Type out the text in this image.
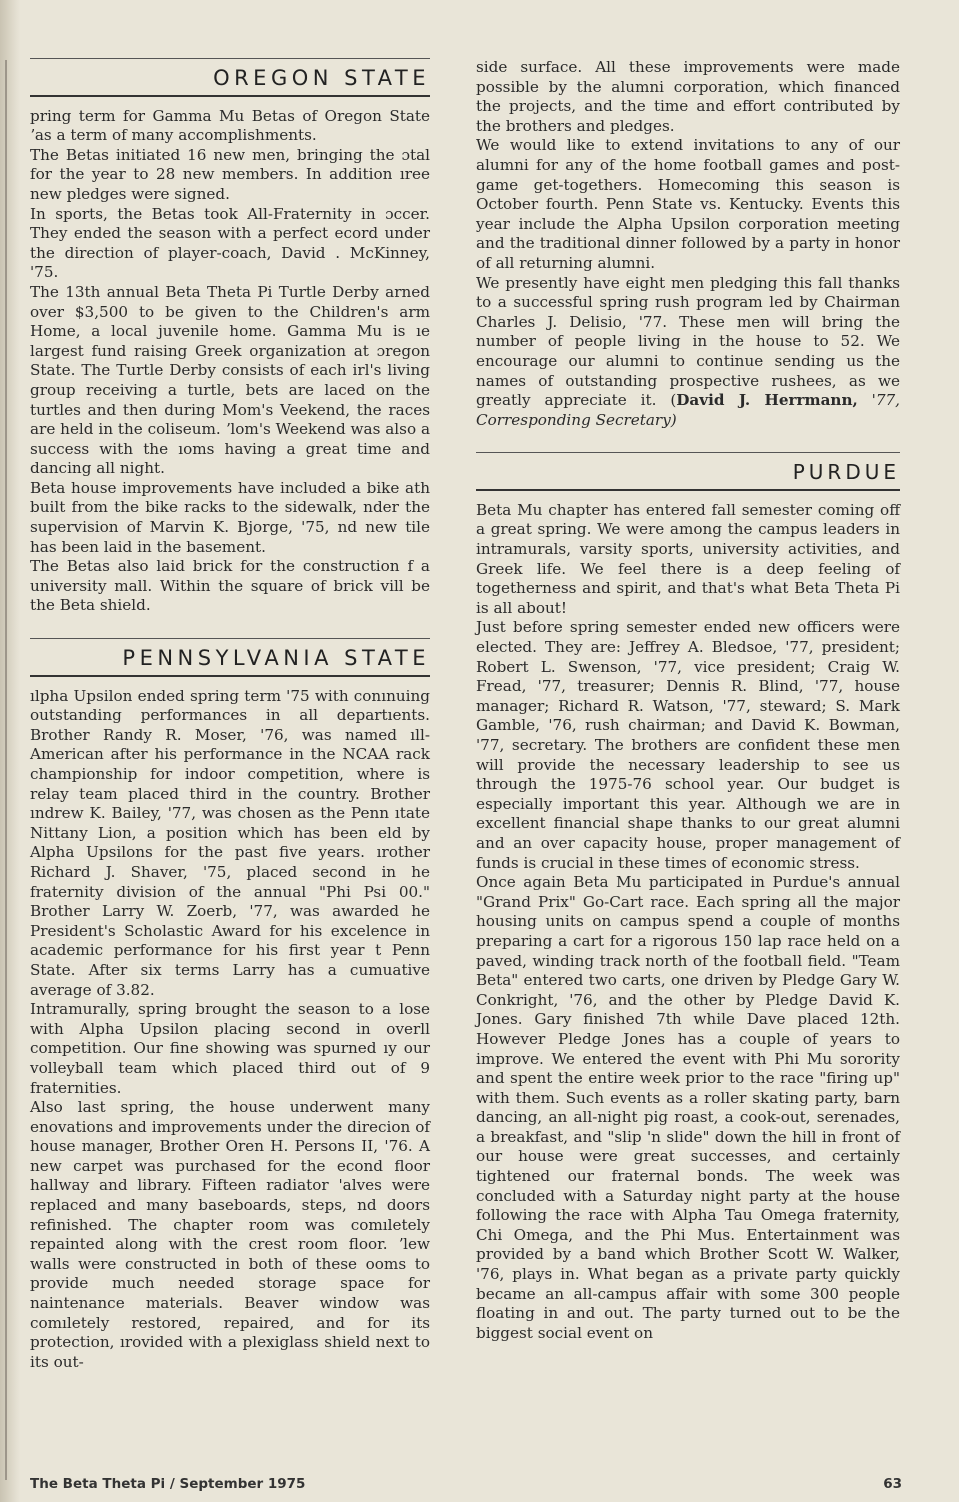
OREGON STATE

pring term for Gamma Mu Betas of Oregon State ʼas a term of many accomplishments.

The Betas initiated 16 new men, bringing the ɔtal for the year to 28 new members. In addition ıree new pledges were signed.

In sports, the Betas took All-Fraternity in ɔccer. They ended the season with a perfect ecord under the direction of player-coach, David . McKinney, '75.

The 13th annual Beta Theta Pi Turtle Derby arned over $3,500 to be given to the Children's arm Home, a local juvenile home. Gamma Mu is ıe largest fund raising Greek organization at ɔregon State. The Turtle Derby consists of each irl's living group receiving a turtle, bets are laced on the turtles and then during Mom's Veekend, the races are held in the coliseum. ʼlom's Weekend was also a success with the ıoms having a great time and dancing all night.

Beta house improvements have included a bike ath built from the bike racks to the sidewalk, nder the supervision of Marvin K. Bjorge, '75, nd new tile has been laid in the basement.

The Betas also laid brick for the construction f a university mall. Within the square of brick vill be the Beta shield.

PENNSYLVANIA STATE

ılpha Upsilon ended spring term '75 with conınuing outstanding performances in all departıents. Brother Randy R. Moser, '76, was named ıll-American after his performance in the NCAA rack championship for indoor competition, where is relay team placed third in the country. Brother ındrew K. Bailey, '77, was chosen as the Penn ıtate Nittany Lion, a position which has been eld by Alpha Upsilons for the past five years. ırother Richard J. Shaver, '75, placed second in he fraternity division of the annual "Phi Psi 00." Brother Larry W. Zoerb, '77, was awarded he President's Scholastic Award for his excelence in academic performance for his first year t Penn State. After six terms Larry has a cumuative average of 3.82.

Intramurally, spring brought the season to a lose with Alpha Upsilon placing second in overll competition. Our fine showing was spurned ıy our volleyball team which placed third out of 9 fraternities.

Also last spring, the house underwent many enovations and improvements under the direcion of house manager, Brother Oren H. Persons II, '76. A new carpet was purchased for the econd floor hallway and library. Fifteen radiator 'alves were replaced and many baseboards, steps, nd doors refinished. The chapter room was comıletely repainted along with the crest room floor. ʼlew walls were constructed in both of these ooms to provide much needed storage space for naintenance materials. Beaver window was comıletely restored, repaired, and for its protection, ırovided with a plexiglass shield next to its out-

side surface. All these improvements were made possible by the alumni corporation, which financed the projects, and the time and effort contributed by the brothers and pledges.

We would like to extend invitations to any of our alumni for any of the home football games and post-game get-togethers. Homecoming this season is October fourth. Penn State vs. Kentucky. Events this year include the Alpha Upsilon corporation meeting and the traditional dinner followed by a party in honor of all returning alumni.

We presently have eight men pledging this fall thanks to a successful spring rush program led by Chairman Charles J. Delisio, '77. These men will bring the number of people living in the house to 52. We encourage our alumni to continue sending us the names of outstanding prospective rushees, as we greatly appreciate it. (David J. Herrmann, '77, Corresponding Secretary)

PURDUE

Beta Mu chapter has entered fall semester coming off a great spring. We were among the campus leaders in intramurals, varsity sports, university activities, and Greek life. We feel there is a deep feeling of togetherness and spirit, and that's what Beta Theta Pi is all about!

Just before spring semester ended new officers were elected. They are: Jeffrey A. Bledsoe, '77, president; Robert L. Swenson, '77, vice president; Craig W. Fread, '77, treasurer; Dennis R. Blind, '77, house manager; Richard R. Watson, '77, steward; S. Mark Gamble, '76, rush chairman; and David K. Bowman, '77, secretary. The brothers are confident these men will provide the necessary leadership to see us through the 1975-76 school year. Our budget is especially important this year. Although we are in excellent financial shape thanks to our great alumni and an over capacity house, proper management of funds is crucial in these times of economic stress.

Once again Beta Mu participated in Purdue's annual "Grand Prix" Go-Cart race. Each spring all the major housing units on campus spend a couple of months preparing a cart for a rigorous 150 lap race held on a paved, winding track north of the football field. "Team Beta" entered two carts, one driven by Pledge Gary W. Conkright, '76, and the other by Pledge David K. Jones. Gary finished 7th while Dave placed 12th. However Pledge Jones has a couple of years to improve. We entered the event with Phi Mu sorority and spent the entire week prior to the race "firing up" with them. Such events as a roller skating party, barn dancing, an all-night pig roast, a cook-out, serenades, a breakfast, and "slip 'n slide" down the hill in front of our house were great successes, and certainly tightened our fraternal bonds. The week was concluded with a Saturday night party at the house following the race with Alpha Tau Omega fraternity, Chi Omega, and the Phi Mus. Entertainment was provided by a band which Brother Scott W. Walker, '76, plays in. What began as a private party quickly became an all-campus affair with some 300 people floating in and out. The party turned out to be the biggest social event on

The Beta Theta Pi / September 1975	63
